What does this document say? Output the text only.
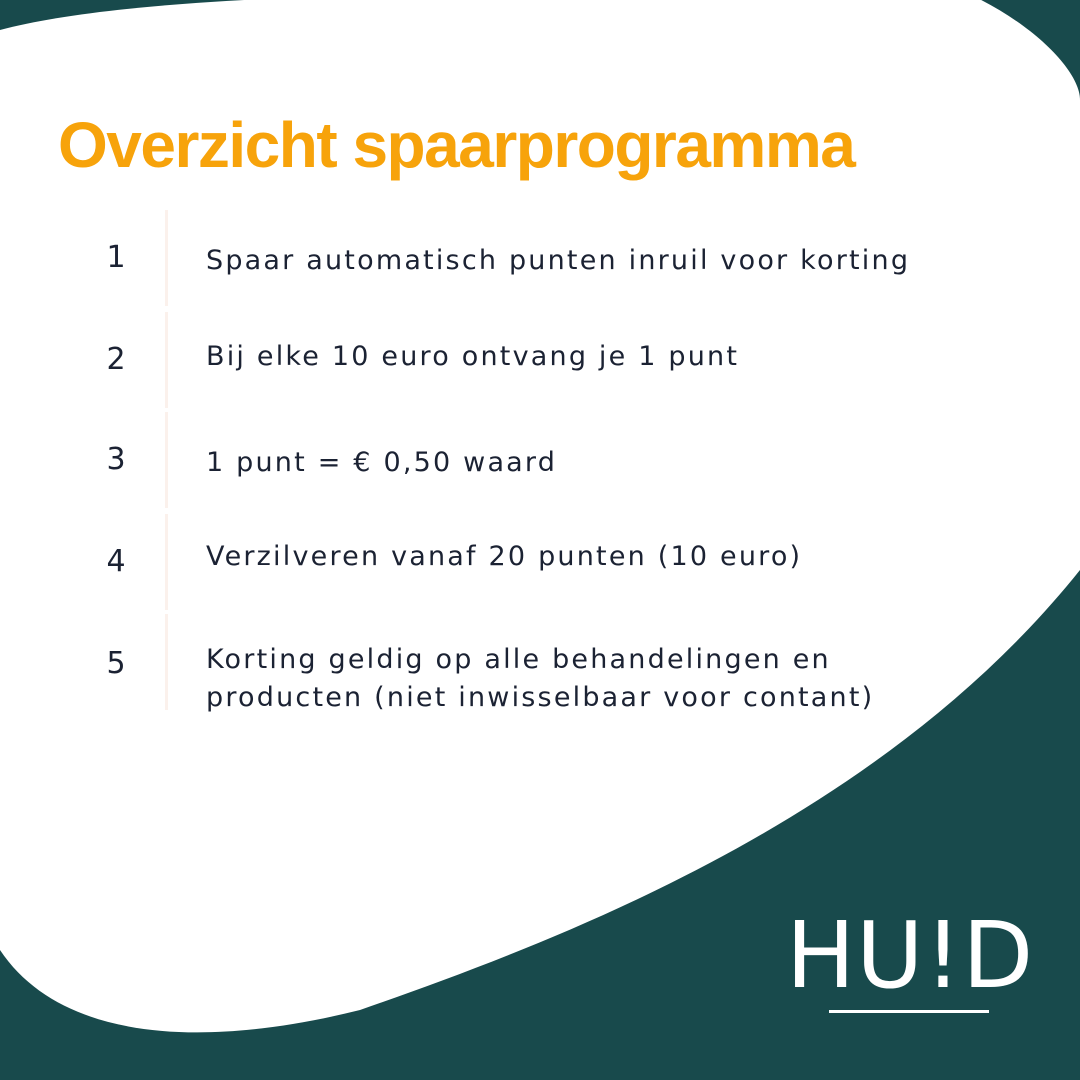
Overzicht spaarprogramma
1	Spaar automatisch punten inruil voor korting
2	Bij elke 10 euro ontvang je 1 punt
3	1 punt = € 0,50 waard
4	Verzilveren vanaf 20 punten (10 euro)
5	Korting geldig op alle behandelingen en producten (niet inwisselbaar voor contant)
HU!D
